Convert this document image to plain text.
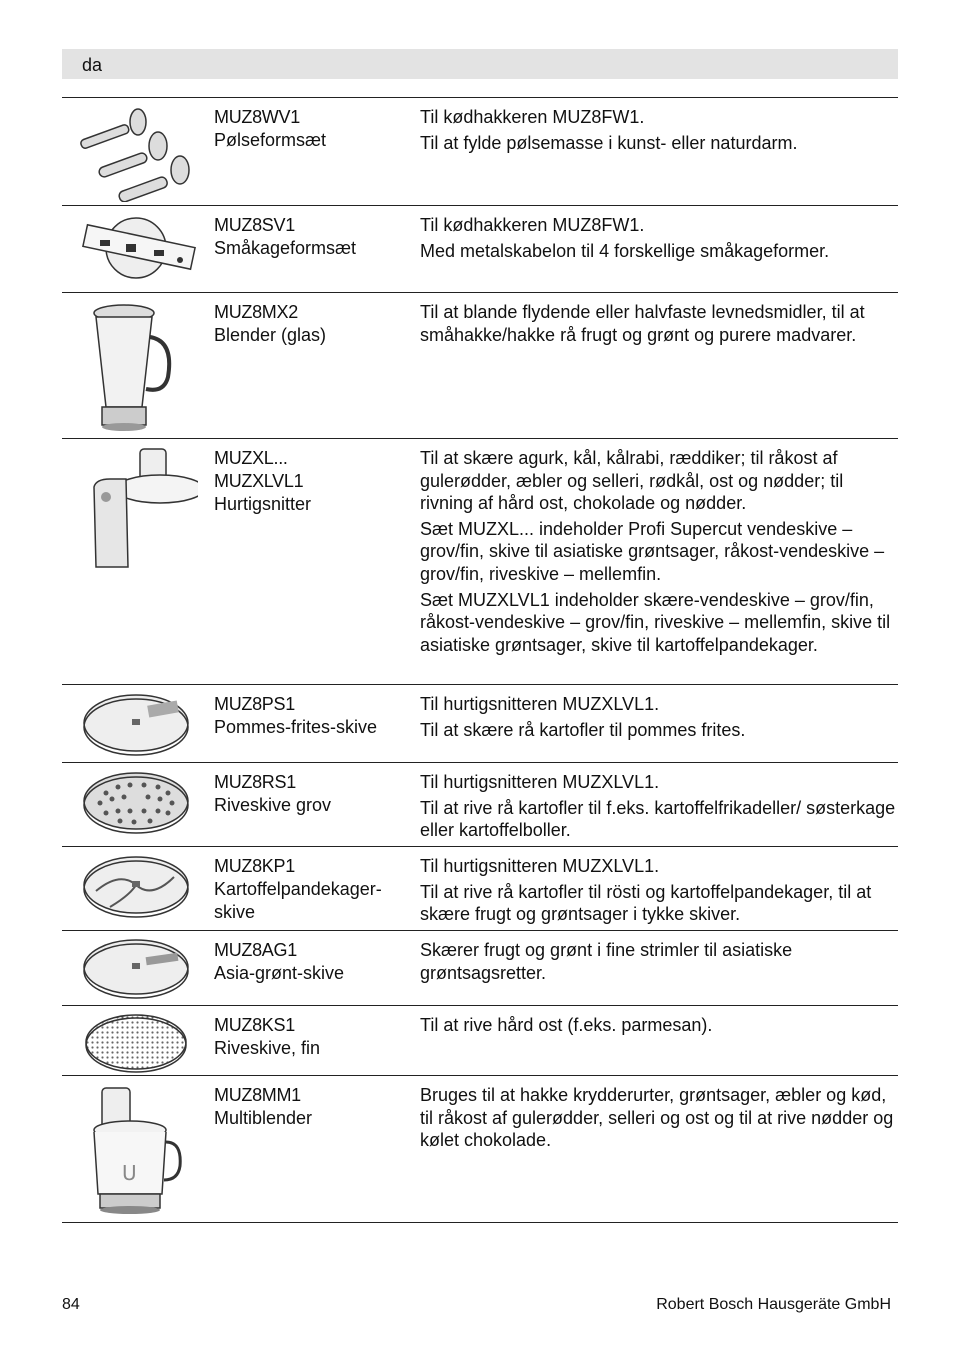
da
MUZ8WV1
Pølseformsæt

Til kødhakkeren MUZ8FW1.

Til at fylde pølsemasse i kunst- eller naturdarm.

MUZ8SV1
Småkageformsæt

Til kødhakkeren MUZ8FW1.

Med metalskabelon til 4 forskellige småkageformer.

MUZ8MX2
Blender (glas)

Til at blande flydende eller halvfaste levnedsmidler, til at småhakke/hakke rå frugt og grønt og purere madvarer.

MUZXL...
MUZXLVL1
Hurtigsnitter

Til at skære agurk, kål, kålrabi, ræddiker; til råkost af gulerødder, æbler og selleri, rødkål, ost og nødder; til rivning af hård ost, chokolade og nødder.

Sæt MUZXL... indeholder Profi Supercut vendeskive – grov/fin, skive til asiatiske grøntsager, råkost-vendeskive – grov/fin, riveskive – mellemfin.

Sæt MUZXLVL1 indeholder skære-vendeskive – grov/fin, råkost-vendeskive – grov/fin, riveskive – mellemfin, skive til asiatiske grøntsager, skive til kartoffelpandekager.

MUZ8PS1
Pommes-frites-skive

Til hurtigsnitteren MUZXLVL1.

Til at skære rå kartofler til pommes frites.

MUZ8RS1
Riveskive grov

Til hurtigsnitteren MUZXLVL1.

Til at rive rå kartofler til f.eks. kartoffelfrikadeller/ søsterkage eller kartoffelboller.

MUZ8KP1
Kartoffelpandekager-skive

Til hurtigsnitteren MUZXLVL1.

Til at rive rå kartofler til rösti og kartoffelpandekager, til at skære frugt og grøntsager i tykke skiver.

MUZ8AG1
Asia-grønt-skive

Skærer frugt og grønt i fine strimler til asiatiske grøntsagsretter.

MUZ8KS1
Riveskive, fin

Til at rive hård ost (f.eks. parmesan).

U
MUZ8MM1
Multiblender

Bruges til at hakke krydderurter, grøntsager, æbler og kød, til råkost af gulerødder, selleri og ost og til at rive nødder og kølet chokolade.

84	Robert Bosch Hausgeräte GmbH
